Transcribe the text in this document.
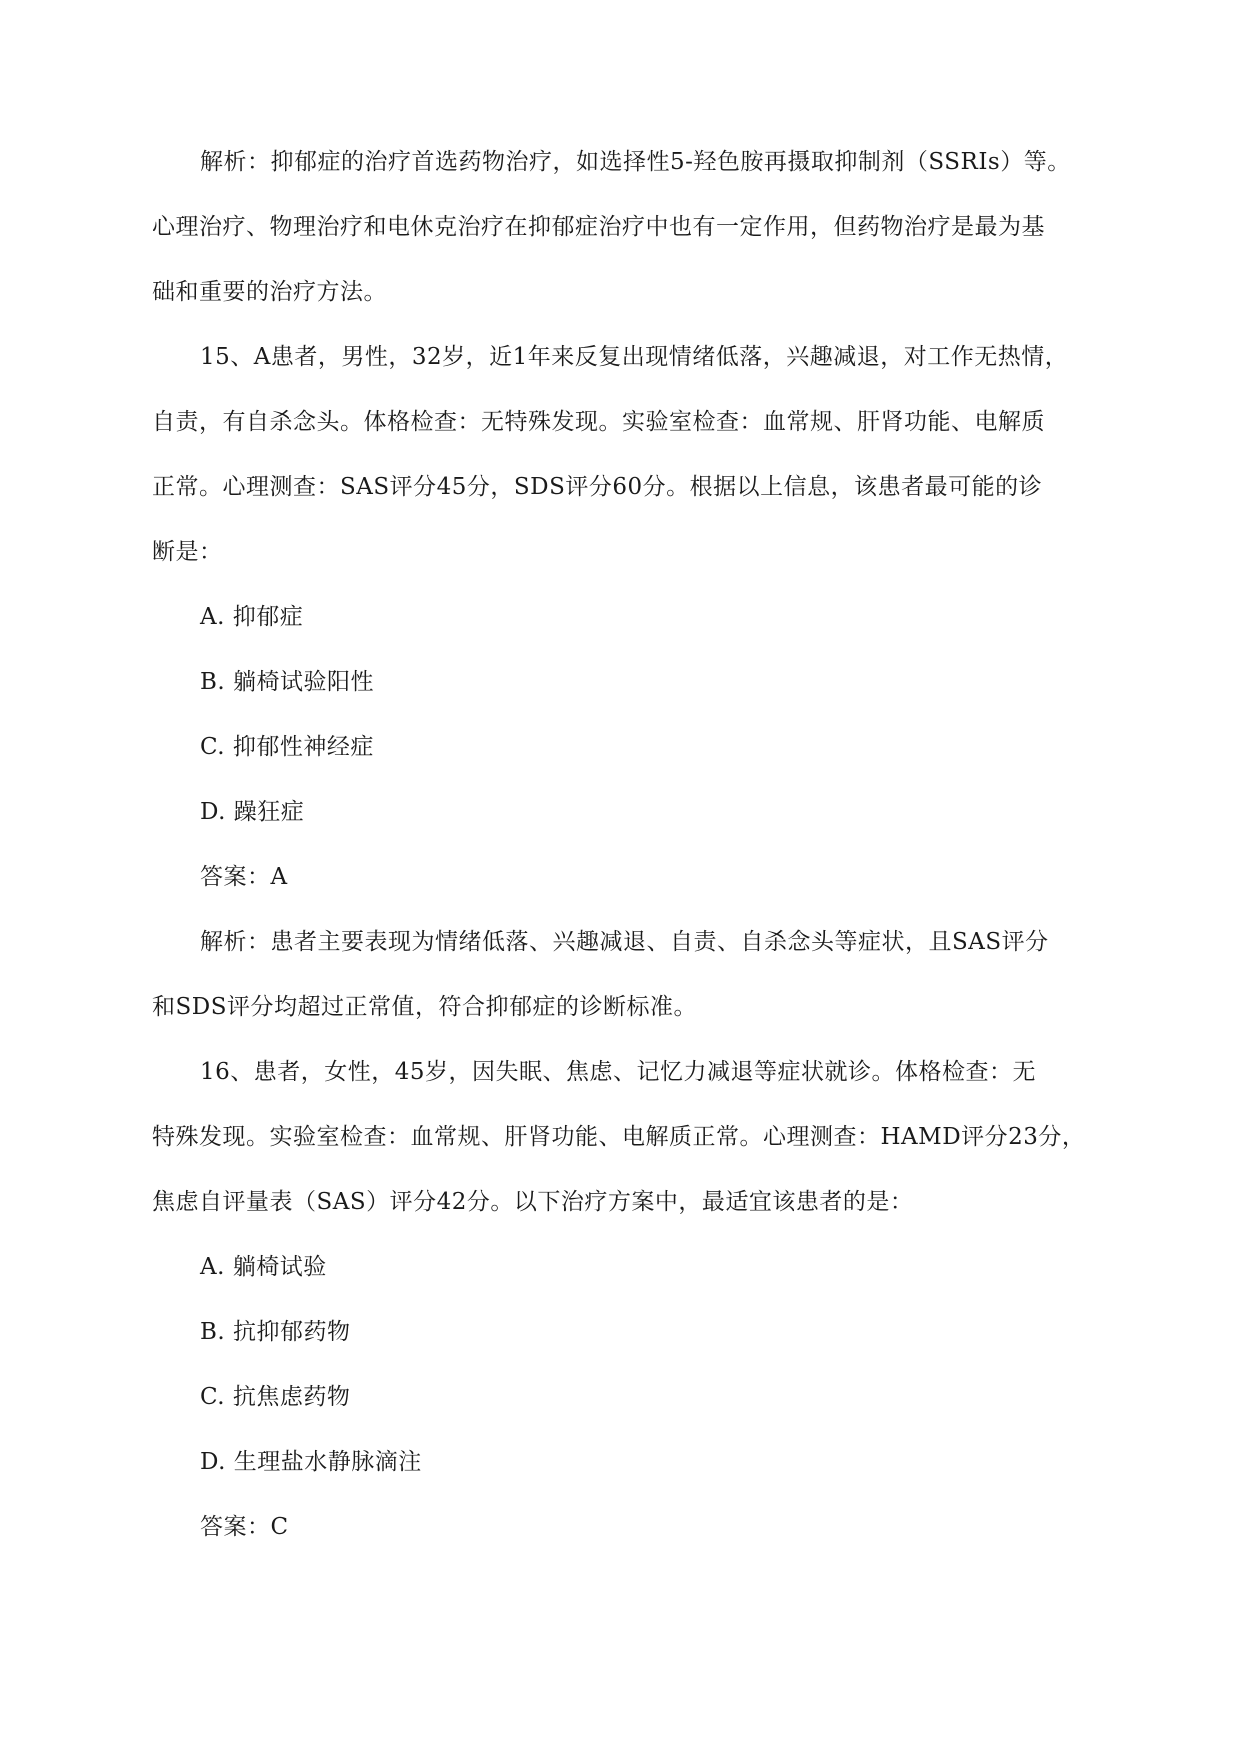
解析：抑郁症的治疗首选药物治疗，如选择性5-羟色胺再摄取抑制剂（SSRIs）等。
心理治疗、物理治疗和电休克治疗在抑郁症治疗中也有一定作用，但药物治疗是最为基
础和重要的治疗方法。
15、A患者，男性，32岁，近1年来反复出现情绪低落，兴趣减退，对工作无热情，
自责，有自杀念头。体格检查：无特殊发现。实验室检查：血常规、肝肾功能、电解质
正常。心理测查：SAS评分45分，SDS评分60分。根据以上信息，该患者最可能的诊
断是：
A. 抑郁症
B. 躺椅试验阳性
C. 抑郁性神经症
D. 躁狂症
答案：A
解析：患者主要表现为情绪低落、兴趣减退、自责、自杀念头等症状，且SAS评分
和SDS评分均超过正常值，符合抑郁症的诊断标准。
16、患者，女性，45岁，因失眠、焦虑、记忆力减退等症状就诊。体格检查：无
特殊发现。实验室检查：血常规、肝肾功能、电解质正常。心理测查：HAMD评分23分，
焦虑自评量表（SAS）评分42分。以下治疗方案中，最适宜该患者的是：
A. 躺椅试验
B. 抗抑郁药物
C. 抗焦虑药物
D. 生理盐水静脉滴注
答案：C
